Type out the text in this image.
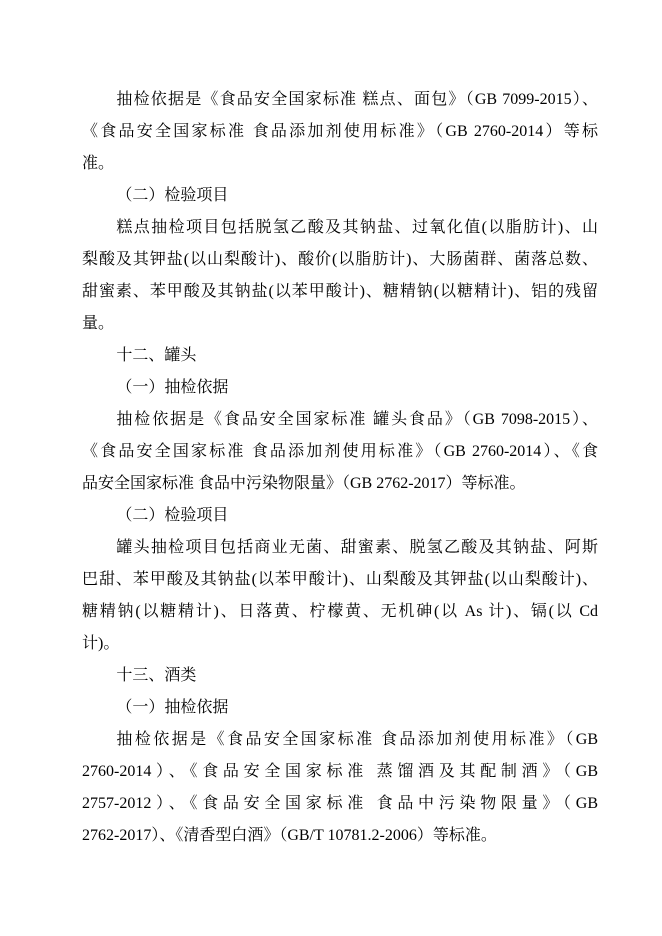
抽检依据是《食品安全国家标准 糕点、面包》（GB 7099-2015）、
《食品安全国家标准 食品添加剂使用标准》（GB 2760-2014）等标
准。

（二）检验项目

糕点抽检项目包括脱氢乙酸及其钠盐、过氧化值(以脂肪计)、山
梨酸及其钾盐(以山梨酸计)、酸价(以脂肪计)、大肠菌群、菌落总数、
甜蜜素、苯甲酸及其钠盐(以苯甲酸计)、糖精钠(以糖精计)、铝的残留
量。

十二、罐头

（一）抽检依据

抽检依据是《食品安全国家标准 罐头食品》（GB 7098-2015）、
《食品安全国家标准 食品添加剂使用标准》（GB 2760-2014）、《食
品安全国家标准 食品中污染物限量》（GB 2762-2017）等标准。

（二）检验项目

罐头抽检项目包括商业无菌、甜蜜素、脱氢乙酸及其钠盐、阿斯
巴甜、苯甲酸及其钠盐(以苯甲酸计)、山梨酸及其钾盐(以山梨酸计)、
糖精钠(以糖精计)、日落黄、柠檬黄、无机砷(以 As 计)、镉(以 Cd
计)。

十三、酒类

（一）抽检依据

抽检依据是《食品安全国家标准 食品添加剂使用标准》（GB
2760-2014）、《食品安全国家标准 蒸馏酒及其配制酒》（GB
2757-2012）、《食品安全国家标准 食品中污染物限量》（GB
2762-2017）、《清香型白酒》（GB/T 10781.2-2006）等标准。
